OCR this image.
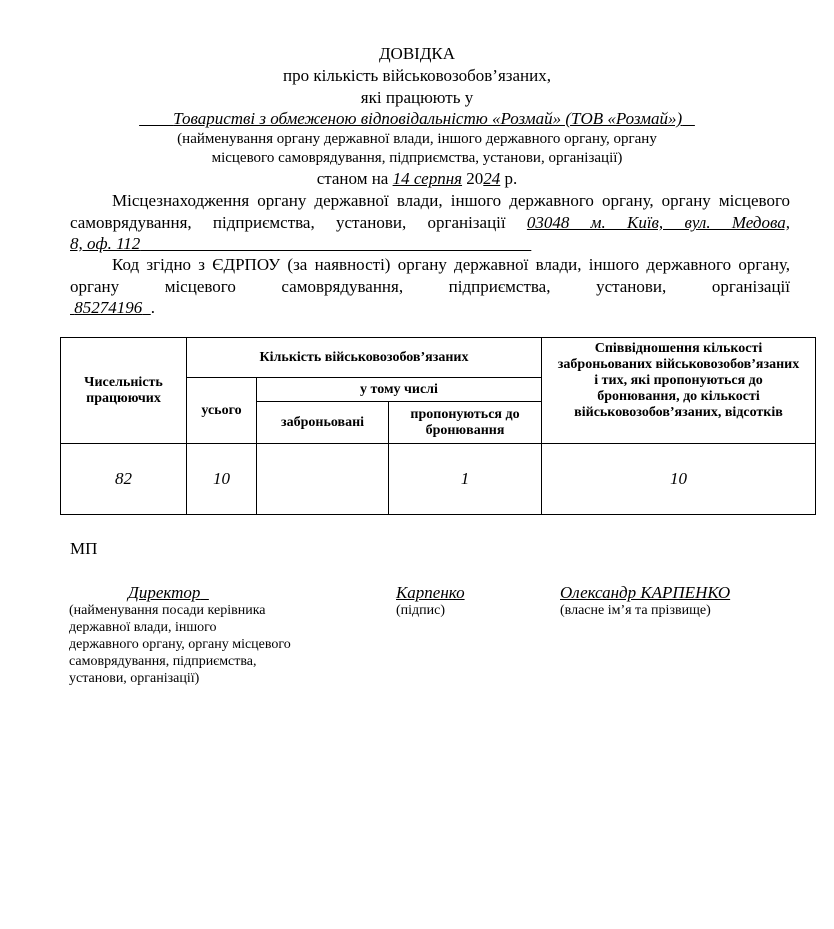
ДОВІДКА
про кількість військовозобов’язаних,
які працюють у
Товаристві з обмеженою відповідальністю «Розмай» (ТОВ «Розмай»)
(найменування органу державної влади, іншого державного органу, органу
місцевого самоврядування, підприємства, установи, організації)
станом на 14 серпня 2024 р.
Місцезнаходження органу державної влади, іншого державного органу, органу місцевого самоврядування, підприємства, установи, організації 03048 м. Київ, вул. Медова,
8, оф. 112
Код згідно з ЄДРПОУ (за наявності) органу державної влади, іншого державного органу, органу місцевого самоврядування, підприємства, установи, організації
85274196 .
Чисельність працюючих	Кількість військовозобов’язаних			Співвідношення кількості заброньованих військовозобов’язаних і тих, які пропонуються до бронювання, до кількості військовозобов’язаних, відсотків
	усього	у тому числі		
		заброньовані	пропонуються до бронювання	
82	10		1	10
МП
Директор
(найменування посади керівника
державної влади, іншого
державного органу, органу місцевого
самоврядування, підприємства,
установи, організації)
Карпенко
(підпис)
Олександр КАРПЕНКО
(власне ім’я та прізвище)
